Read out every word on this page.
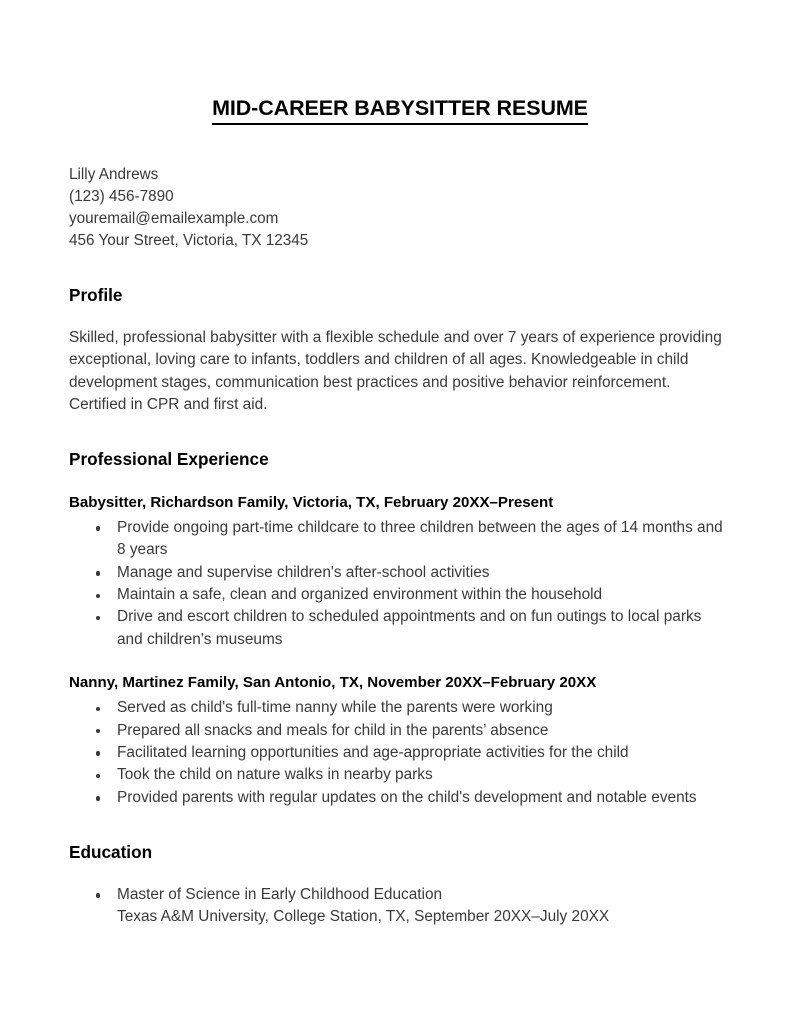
MID-CAREER BABYSITTER RESUME
Lilly Andrews
(123) 456-7890
youremail@emailexample.com
456 Your Street, Victoria, TX 12345
Profile

Skilled, professional babysitter with a flexible schedule and over 7 years of experience providing exceptional, loving care to infants, toddlers and children of all ages. Knowledgeable in child development stages, communication best practices and positive behavior reinforcement. Certified in CPR and first aid.

Professional Experience
Babysitter, Richardson Family, Victoria, TX, February 20XX–Present
Provide ongoing part-time childcare to three children between the ages of 14 months and 8 years
Manage and supervise children's after-school activities
Maintain a safe, clean and organized environment within the household
Drive and escort children to scheduled appointments and on fun outings to local parks and children's museums
Nanny, Martinez Family, San Antonio, TX, November 20XX–February 20XX
Served as child's full-time nanny while the parents were working
Prepared all snacks and meals for child in the parents’ absence
Facilitated learning opportunities and age-appropriate activities for the child
Took the child on nature walks in nearby parks
Provided parents with regular updates on the child's development and notable events
Education
Master of Science in Early Childhood Education
Texas A&M University, College Station, TX, September 20XX–July 20XX
